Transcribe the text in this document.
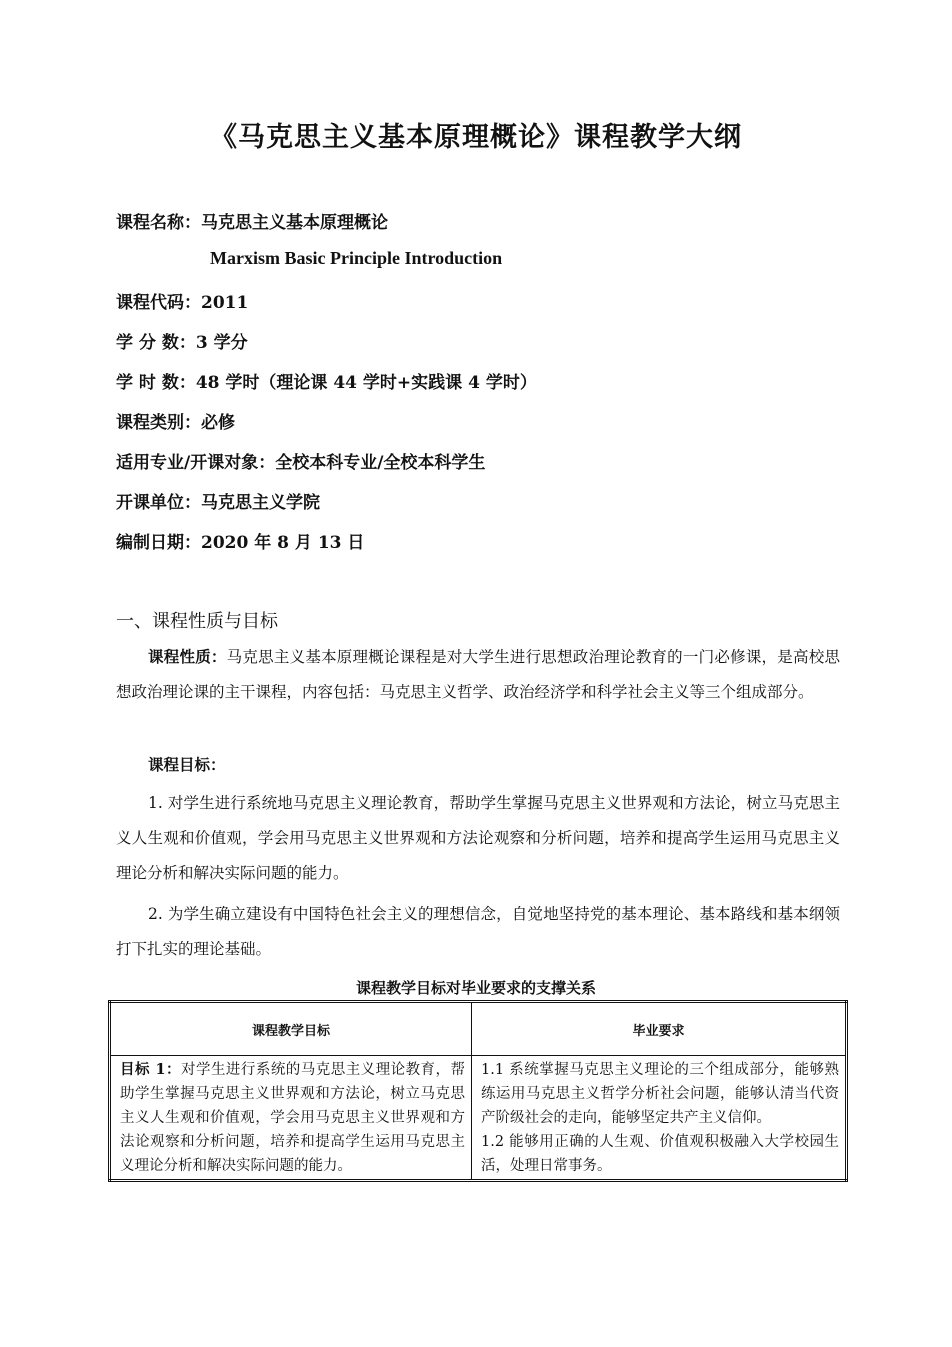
《马克思主义基本原理概论》课程教学大纲
课程名称：马克思主义基本原理概论
Marxism Basic Principle Introduction
课程代码：2011
学 分 数：3 学分
学 时 数：48 学时（理论课 44 学时+实践课 4 学时）
课程类别：必修
适用专业/开课对象：全校本科专业/全校本科学生
开课单位：马克思主义学院
编制日期：2020 年 8 月 13 日
一、课程性质与目标
课程性质：马克思主义基本原理概论课程是对大学生进行思想政治理论教育的一门必修课，是高校思想政治理论课的主干课程，内容包括：马克思主义哲学、政治经济学和科学社会主义等三个组成部分。
课程目标：
1. 对学生进行系统地马克思主义理论教育，帮助学生掌握马克思主义世界观和方法论，树立马克思主义人生观和价值观，学会用马克思主义世界观和方法论观察和分析问题，培养和提高学生运用马克思主义理论分析和解决实际问题的能力。
2. 为学生确立建设有中国特色社会主义的理想信念，自觉地坚持党的基本理论、基本路线和基本纲领打下扎实的理论基础。
课程教学目标对毕业要求的支撑关系
课程教学目标	毕业要求
目标 1：对学生进行系统的马克思主义理论教育，帮助学生掌握马克思主义世界观和方法论，树立马克思主义人生观和价值观，学会用马克思主义世界观和方法论观察和分析问题，培养和提高学生运用马克思主义理论分析和解决实际问题的能力。	1.1 系统掌握马克思主义理论的三个组成部分，能够熟练运用马克思主义哲学分析社会问题，能够认清当代资产阶级社会的走向，能够坚定共产主义信仰。

1.2 能够用正确的人生观、价值观积极融入大学校园生活，处理日常事务。
